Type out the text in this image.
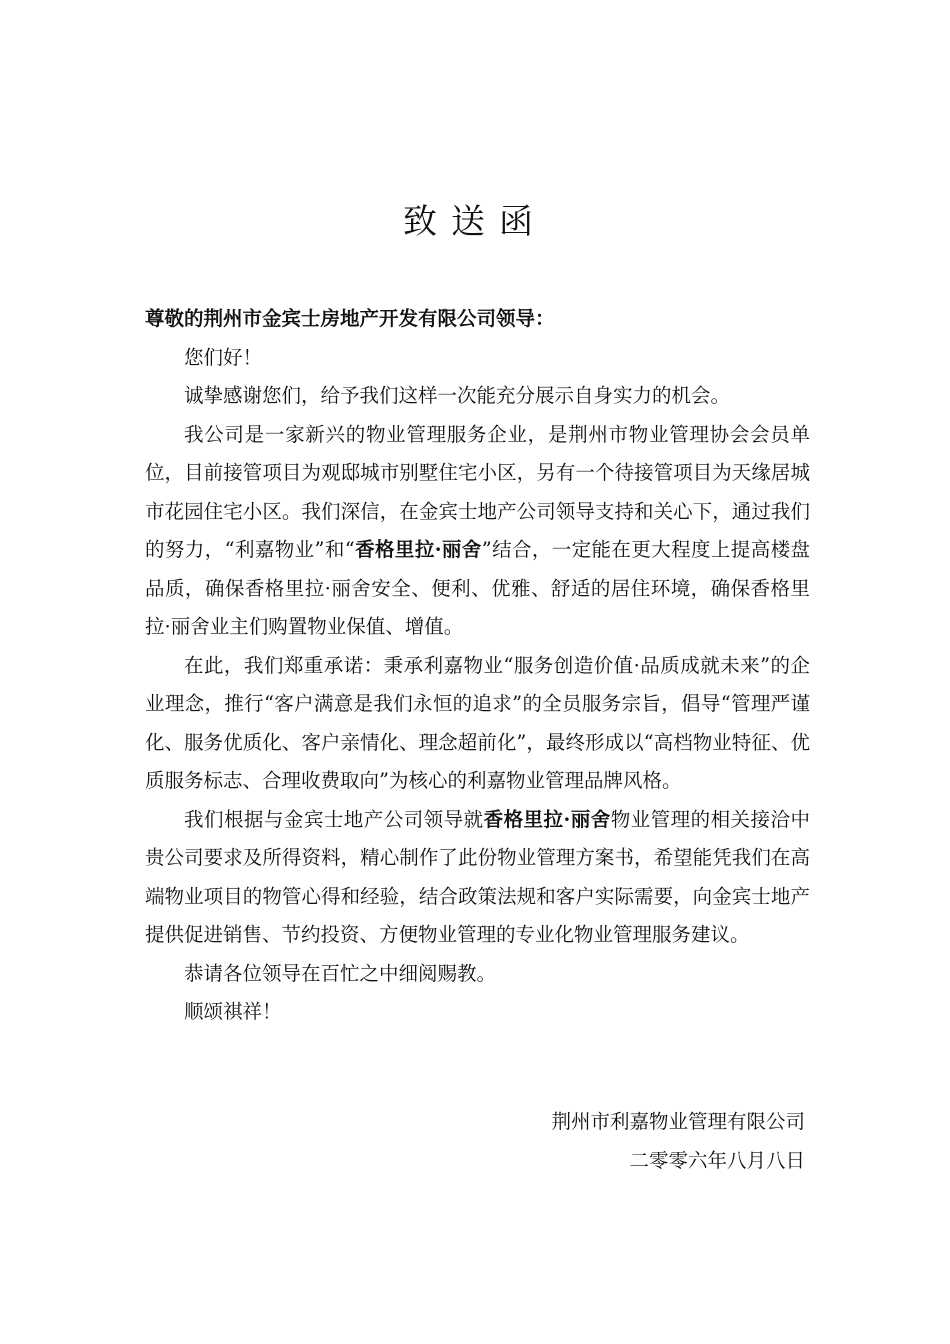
致送函

尊敬的荆州市金宾士房地产开发有限公司领导：

您们好！

诚挚感谢您们，给予我们这样一次能充分展示自身实力的机会。

我公司是一家新兴的物业管理服务企业，是荆州市物业管理协会会员单位，目前接管项目为观邸城市别墅住宅小区，另有一个待接管项目为天缘居城市花园住宅小区。我们深信，在金宾士地产公司领导支持和关心下，通过我们的努力，“利嘉物业”和“香格里拉·丽舍”结合，一定能在更大程度上提高楼盘品质，确保香格里拉·丽舍安全、便利、优雅、舒适的居住环境，确保香格里拉·丽舍业主们购置物业保值、增值。

在此，我们郑重承诺：秉承利嘉物业“服务创造价值·品质成就未来”的企业理念，推行“客户满意是我们永恒的追求”的全员服务宗旨，倡导“管理严谨化、服务优质化、客户亲情化、理念超前化”，最终形成以“高档物业特征、优质服务标志、合理收费取向”为核心的利嘉物业管理品牌风格。

我们根据与金宾士地产公司领导就香格里拉·丽舍物业管理的相关接洽中贵公司要求及所得资料，精心制作了此份物业管理方案书，希望能凭我们在高端物业项目的物管心得和经验，结合政策法规和客户实际需要，向金宾士地产提供促进销售、节约投资、方便物业管理的专业化物业管理服务建议。

恭请各位领导在百忙之中细阅赐教。

顺颂祺祥！

荆州市利嘉物业管理有限公司
二零零六年八月八日
